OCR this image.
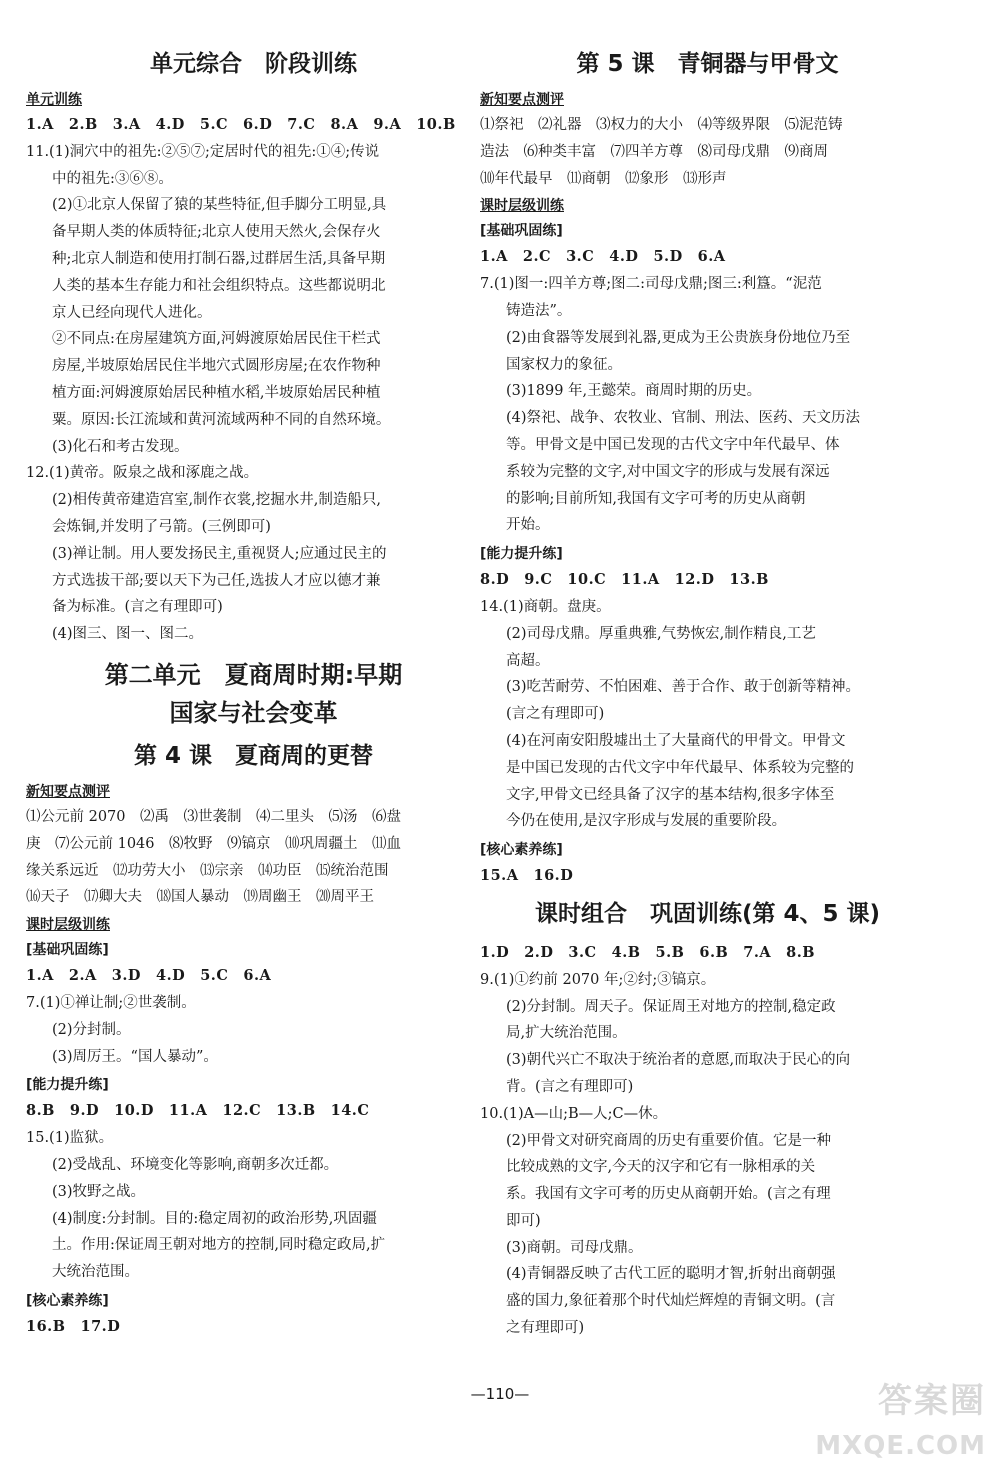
单元综合　阶段训练
单元训练
1.A　2.B　3.A　4.D　5.C　6.D　7.C　8.A　9.A　10.B
11.(1)洞穴中的祖先:②⑤⑦;定居时代的祖先:①④;传说
中的祖先:③⑥⑧。
(2)①北京人保留了猿的某些特征,但手脚分工明显,具
备早期人类的体质特征;北京人使用天然火,会保存火
种;北京人制造和使用打制石器,过群居生活,具备早期
人类的基本生存能力和社会组织特点。这些都说明北
京人已经向现代人进化。
②不同点:在房屋建筑方面,河姆渡原始居民住干栏式
房屋,半坡原始居民住半地穴式圆形房屋;在农作物种
植方面:河姆渡原始居民种植水稻,半坡原始居民种植
粟。原因:长江流域和黄河流域两种不同的自然环境。
(3)化石和考古发现。
12.(1)黄帝。阪泉之战和涿鹿之战。
(2)相传黄帝建造宫室,制作衣裳,挖掘水井,制造船只,
会炼铜,并发明了弓箭。(三例即可)
(3)禅让制。用人要发扬民主,重视贤人;应通过民主的
方式选拔干部;要以天下为己任,选拔人才应以德才兼
备为标准。(言之有理即可)
(4)图三、图一、图二。
第二单元　夏商周时期:早期
国家与社会变革
第 4 课　夏商周的更替
新知要点测评
⑴公元前 2070　⑵禹　⑶世袭制　⑷二里头　⑸汤　⑹盘
庚　⑺公元前 1046　⑻牧野　⑼镐京　⑽巩周疆土　⑾血
缘关系远近　⑿功劳大小　⒀宗亲　⒁功臣　⒂统治范围
⒃天子　⒄卿大夫　⒅国人暴动　⒆周幽王　⒇周平王
课时层级训练
[基础巩固练]
1.A　2.A　3.D　4.D　5.C　6.A
7.(1)①禅让制;②世袭制。
(2)分封制。
(3)周厉王。“国人暴动”。
[能力提升练]
8.B　9.D　10.D　11.A　12.C　13.B　14.C
15.(1)监狱。
(2)受战乱、环境变化等影响,商朝多次迁都。
(3)牧野之战。
(4)制度:分封制。目的:稳定周初的政治形势,巩固疆
土。作用:保证周王朝对地方的控制,同时稳定政局,扩
大统治范围。
[核心素养练]
16.B　17.D
第 5 课　青铜器与甲骨文
新知要点测评
⑴祭祀　⑵礼器　⑶权力的大小　⑷等级界限　⑸泥范铸
造法　⑹种类丰富　⑺四羊方尊　⑻司母戊鼎　⑼商周
⑽年代最早　⑾商朝　⑿象形　⒀形声
课时层级训练
[基础巩固练]
1.A　2.C　3.C　4.D　5.D　6.A
7.(1)图一:四羊方尊;图二:司母戊鼎;图三:利簋。“泥范
铸造法”。
(2)由食器等发展到礼器,更成为王公贵族身份地位乃至
国家权力的象征。
(3)1899 年,王懿荣。商周时期的历史。
(4)祭祀、战争、农牧业、官制、刑法、医药、天文历法
等。甲骨文是中国已发现的古代文字中年代最早、体
系较为完整的文字,对中国文字的形成与发展有深远
的影响;目前所知,我国有文字可考的历史从商朝
开始。
[能力提升练]
8.D　9.C　10.C　11.A　12.D　13.B
14.(1)商朝。盘庚。
(2)司母戊鼎。厚重典雅,气势恢宏,制作精良,工艺
高超。
(3)吃苦耐劳、不怕困难、善于合作、敢于创新等精神。
(言之有理即可)
(4)在河南安阳殷墟出土了大量商代的甲骨文。甲骨文
是中国已发现的古代文字中年代最早、体系较为完整的
文字,甲骨文已经具备了汉字的基本结构,很多字体至
今仍在使用,是汉字形成与发展的重要阶段。
[核心素养练]
15.A　16.D
课时组合　巩固训练(第 4、5 课)
1.D　2.D　3.C　4.B　5.B　6.B　7.A　8.B
9.(1)①约前 2070 年;②纣;③镐京。
(2)分封制。周天子。保证周王对地方的控制,稳定政
局,扩大统治范围。
(3)朝代兴亡不取决于统治者的意愿,而取决于民心的向
背。(言之有理即可)
10.(1)A—山;B—人;C—休。
(2)甲骨文对研究商周的历史有重要价值。它是一种
比较成熟的文字,今天的汉字和它有一脉相承的关
系。我国有文字可考的历史从商朝开始。(言之有理
即可)
(3)商朝。司母戊鼎。
(4)青铜器反映了古代工匠的聪明才智,折射出商朝强
盛的国力,象征着那个时代灿烂辉煌的青铜文明。(言
之有理即可)
—110—	答案圈
MXQE.COM
